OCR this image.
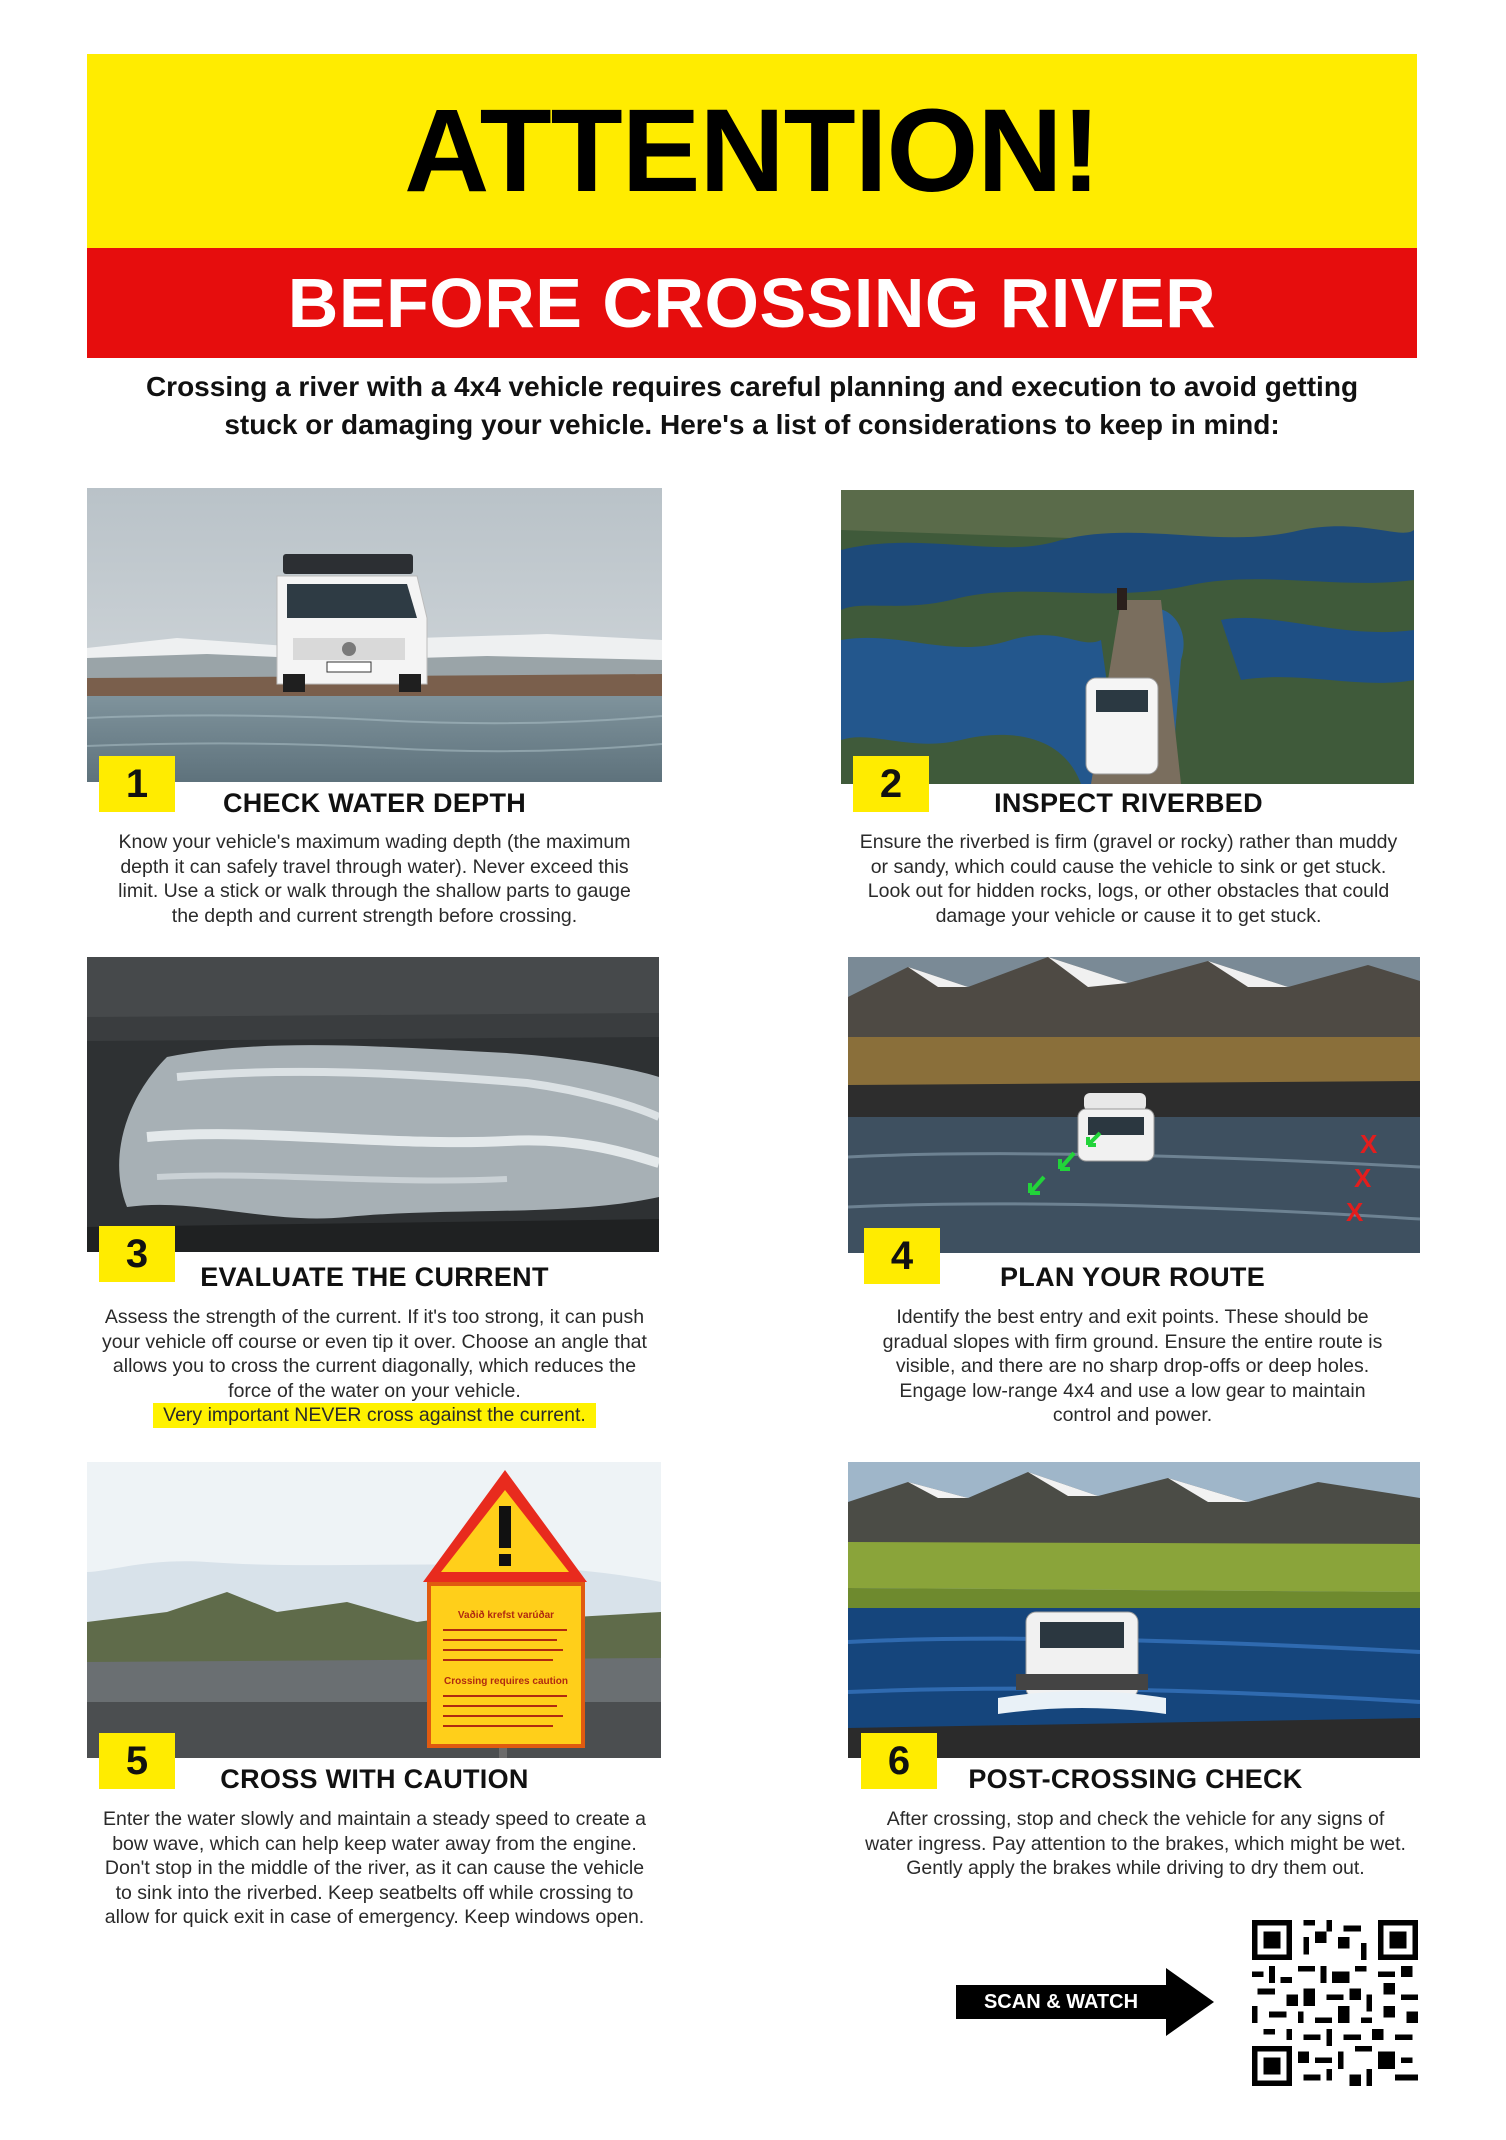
ATTENTION!
BEFORE CROSSING RIVER

Crossing a river with a 4x4 vehicle requires careful planning and execution to avoid getting

stuck or damaging your vehicle. Here's a list of considerations to keep in mind:

1	CHECK WATER DEPTH

Know your vehicle's maximum wading depth (the maximum

depth it can safely travel through water). Never exceed this

limit. Use a stick or walk through the shallow parts to gauge

the depth and current strength before crossing.

2	INSPECT RIVERBED

Ensure the riverbed is firm (gravel or rocky) rather than muddy

or sandy, which could cause the vehicle to sink or get stuck.

Look out for hidden rocks, logs, or other obstacles that could

damage your vehicle or cause it to get stuck.

3
EVALUATE THE CURRENT

Assess the strength of the current. If it's too strong, it can push

your vehicle off course or even tip it over. Choose an angle that

allows you to cross the current diagonally, which reduces the

force of the water on your vehicle.

Very important NEVER cross against the current.

X
X
X
4	PLAN YOUR ROUTE

Identify the best entry and exit points. These should be

gradual slopes with firm ground. Ensure the entire route is

visible, and there are no sharp drop-offs or deep holes.

Engage low-range 4x4 and use a low gear to maintain

control and power.

Vaðið krefst varúðar
Crossing requires caution
5	CROSS WITH CAUTION

Enter the water slowly and maintain a steady speed to create a

bow wave, which can help keep water away from the engine.

Don't stop in the middle of the river, as it can cause the vehicle

to sink into the riverbed. Keep seatbelts off while crossing to

allow for quick exit in case of emergency. Keep windows open.

6	POST-CROSSING CHECK

After crossing, stop and check the vehicle for any signs of

water ingress. Pay attention to the brakes, which might be wet.

Gently apply the brakes while driving to dry them out.

SCAN & WATCH
